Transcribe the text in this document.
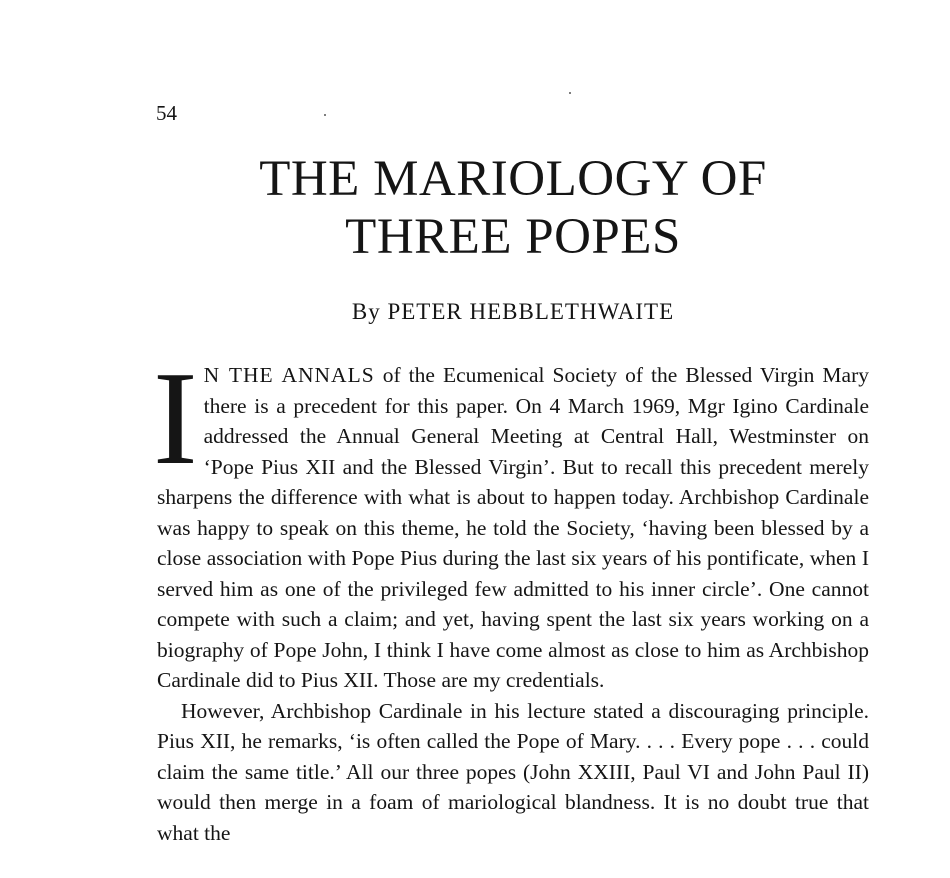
54
THE MARIOLOGY OF
THREE POPES
By PETER HEBBLETHWAITE

I N THE ANNALS of the Ecumenical Society of the Blessed Virgin Mary there is a precedent for this paper. On 4 March 1969, Mgr Igino Cardinale addressed the Annual General Meeting at Central Hall, Westminster on ‘Pope Pius XII and the Blessed Virgin’. But to recall this precedent merely sharpens the difference with what is about to happen today. Archbishop Cardinale was happy to speak on this theme, he told the Society, ‘having been blessed by a close association with Pope Pius during the last six years of his pontificate, when I served him as one of the privileged few admitted to his inner circle’. One cannot compete with such a claim; and yet, having spent the last six years working on a biography of Pope John, I think I have come almost as close to him as Archbishop Cardinale did to Pius XII. Those are my credentials.

However, Archbishop Cardinale in his lecture stated a discouraging principle. Pius XII, he remarks, ‘is often called the Pope of Mary. . . . Every pope . . . could claim the same title.’ All our three popes (John XXIII, Paul VI and John Paul II) would then merge in a foam of mariological blandness. It is no doubt true that what the
